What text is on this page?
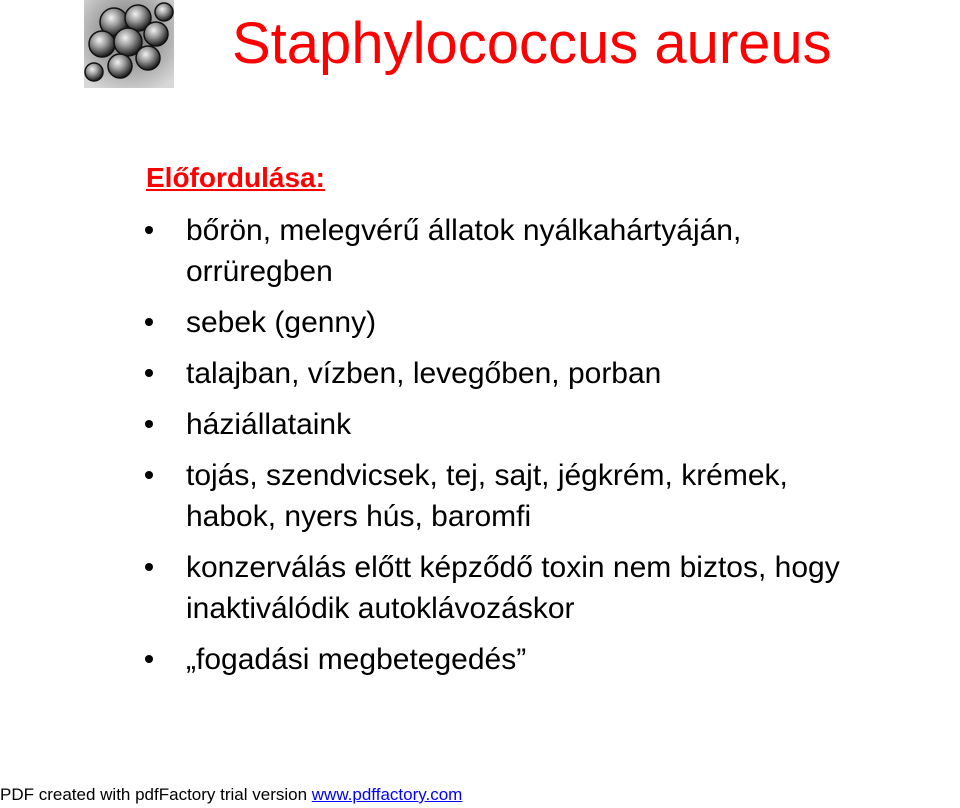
Staphylococcus aureus
Előfordulása:
bőrön, melegvérű állatok nyálkahártyáján,
orrüregben
sebek (genny)
talajban, vízben, levegőben, porban
háziállataink
tojás, szendvicsek, tej, sajt, jégkrém, krémek,
habok, nyers hús, baromfi
konzerválás előtt képződő toxin nem biztos, hogy
inaktiválódik autoklávozáskor
„fogadási megbetegedés”
PDF created with pdfFactory trial version www.pdffactory.com
